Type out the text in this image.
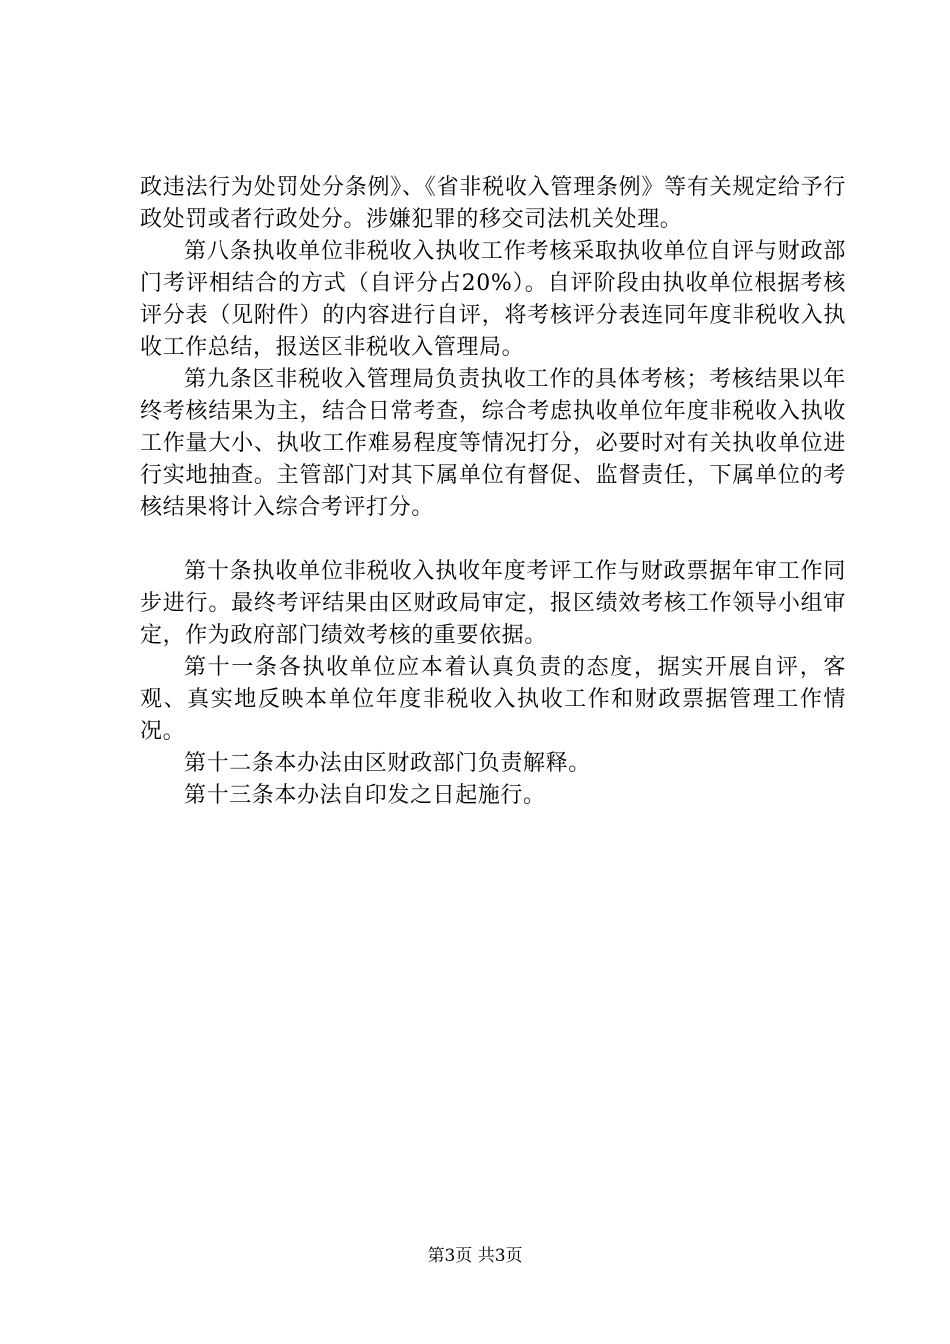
政违法行为处罚处分条例》、《省非税收入管理条例》等有关规定给予行政处罚或者行政处分。涉嫌犯罪的移交司法机关处理。

第八条执收单位非税收入执收工作考核采取执收单位自评与财政部门考评相结合的方式（自评分占20%）。自评阶段由执收单位根据考核评分表（见附件）的内容进行自评，将考核评分表连同年度非税收入执收工作总结，报送区非税收入管理局。

第九条区非税收入管理局负责执收工作的具体考核；考核结果以年终考核结果为主，结合日常考查，综合考虑执收单位年度非税收入执收工作量大小、执收工作难易程度等情况打分，必要时对有关执收单位进行实地抽查。主管部门对其下属单位有督促、监督责任，下属单位的考核结果将计入综合考评打分。

第十条执收单位非税收入执收年度考评工作与财政票据年审工作同步进行。最终考评结果由区财政局审定，报区绩效考核工作领导小组审定，作为政府部门绩效考核的重要依据。

第十一条各执收单位应本着认真负责的态度，据实开展自评，客观、真实地反映本单位年度非税收入执收工作和财政票据管理工作情况。

第十二条本办法由区财政部门负责解释。

第十三条本办法自印发之日起施行。

第3页 共3页
